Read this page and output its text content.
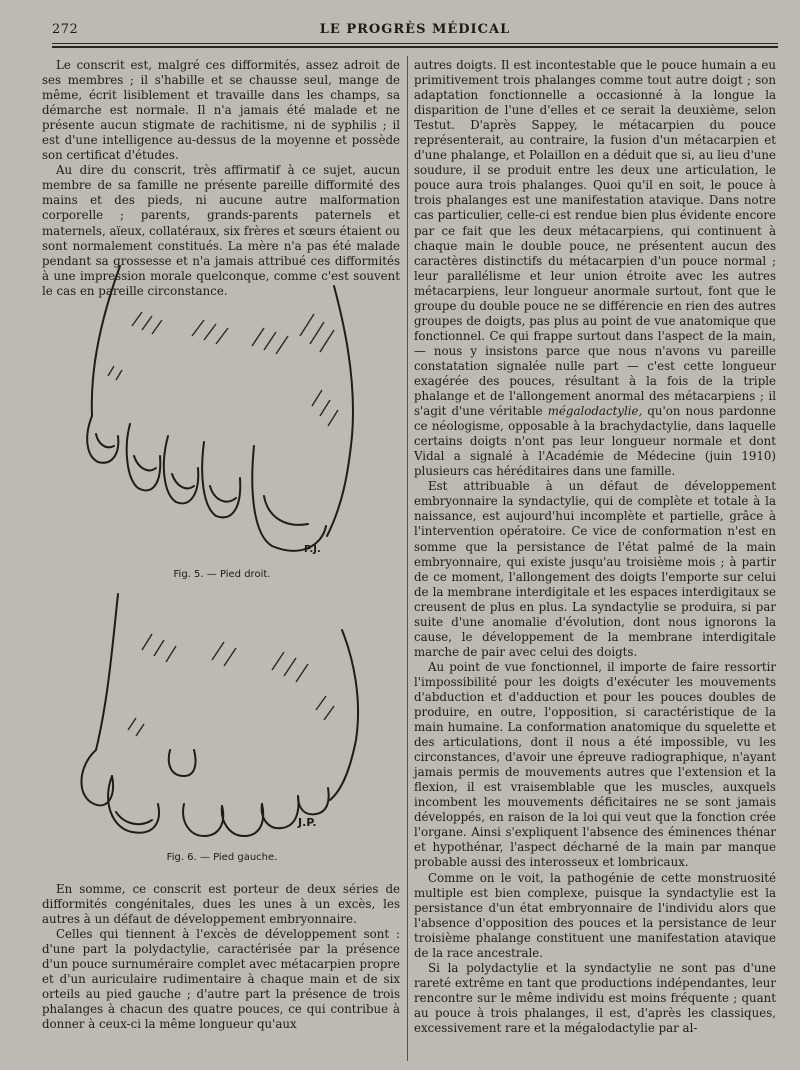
272	LE PROGRÈS MÉDICAL

Le conscrit est, malgré ces difformités, assez adroit de ses membres ; il s'habille et se chausse seul, mange de même, écrit lisiblement et travaille dans les champs, sa démarche est normale. Il n'a jamais été malade et ne présente aucun stigmate de rachitisme, ni de syphilis ; il est d'une intelligence au-dessus de la moyenne et possède son certificat d'études.

Au dire du conscrit, très affirmatif à ce sujet, aucun membre de sa famille ne présente pareille difformité des mains et des pieds, ni aucune autre malformation corporelle ; parents, grands-parents paternels et maternels, aïeux, collatéraux, six frères et sœurs étaient ou sont normalement constitués. La mère n'a pas été malade pendant sa grossesse et n'a jamais attribué ces difformités à une impression morale quelconque, comme c'est souvent le cas en pareille circonstance.

P.J.
Fig. 5. — Pied droit.
J.P.
Fig. 6. — Pied gauche.

En somme, ce conscrit est porteur de deux séries de difformités congénitales, dues les unes à un excès, les autres à un défaut de développement embryonnaire.

Celles qui tiennent à l'excès de développement sont : d'une part la polydactylie, caractérisée par la présence d'un pouce surnuméraire complet avec métacarpien propre et d'un auriculaire rudimentaire à chaque main et de six orteils au pied gauche ; d'autre part la présence de trois phalanges à chacun des quatre pouces, ce qui contribue à donner à ceux-ci la même longueur qu'aux

autres doigts. Il est incontestable que le pouce humain a eu primitivement trois phalanges comme tout autre doigt ; son adaptation fonctionnelle a occasionné à la longue la disparition de l'une d'elles et ce serait la deuxième, selon Testut. D'après Sappey, le métacarpien du pouce représenterait, au contraire, la fusion d'un métacarpien et d'une phalange, et Polaillon en a déduit que si, au lieu d'une soudure, il se produit entre les deux une articulation, le pouce aura trois phalanges. Quoi qu'il en soit, le pouce à trois phalanges est une manifestation atavique. Dans notre cas particulier, celle-ci est rendue bien plus évidente encore par ce fait que les deux métacarpiens, qui continuent à chaque main le double pouce, ne présentent aucun des caractères distinctifs du métacarpien d'un pouce normal ; leur parallélisme et leur union étroite avec les autres métacarpiens, leur longueur anormale surtout, font que le groupe du double pouce ne se différencie en rien des autres groupes de doigts, pas plus au point de vue anatomique que fonctionnel. Ce qui frappe surtout dans l'aspect de la main, — nous y insistons parce que nous n'avons vu pareille constatation signalée nulle part — c'est cette longueur exagérée des pouces, résultant à la fois de la triple phalange et de l'allongement anormal des métacarpiens ; il s'agit d'une véritable mégalodactylie, qu'on nous pardonne ce néologisme, opposable à la brachydactylie, dans laquelle certains doigts n'ont pas leur longueur normale et dont Vidal a signalé à l'Académie de Médecine (juin 1910) plusieurs cas héréditaires dans une famille.

Est attribuable à un défaut de développement embryonnaire la syndactylie, qui de complète et totale à la naissance, est aujourd'hui incomplète et partielle, grâce à l'intervention opératoire. Ce vice de conformation n'est en somme que la persistance de l'état palmé de la main embryonnaire, qui existe jusqu'au troisième mois ; à partir de ce moment, l'allongement des doigts l'emporte sur celui de la membrane interdigitale et les espaces interdigitaux se creusent de plus en plus. La syndactylie se produira, si par suite d'une anomalie d'évolution, dont nous ignorons la cause, le développement de la membrane interdigitale marche de pair avec celui des doigts.

Au point de vue fonctionnel, il importe de faire ressortir l'impossibilité pour les doigts d'exécuter les mouvements d'abduction et d'adduction et pour les pouces doubles de produire, en outre, l'opposition, si caractéristique de la main humaine. La conformation anatomique du squelette et des articulations, dont il nous a été impossible, vu les circonstances, d'avoir une épreuve radiographique, n'ayant jamais permis de mouvements autres que l'extension et la flexion, il est vraisemblable que les muscles, auxquels incombent les mouvements déficitaires ne se sont jamais développés, en raison de la loi qui veut que la fonction crée l'organe. Ainsi s'expliquent l'absence des éminences thénar et hypothénar, l'aspect décharné de la main par manque probable aussi des interosseux et lombricaux.

Comme on le voit, la pathogénie de cette monstruosité multiple est bien complexe, puisque la syndactylie est la persistance d'un état embryonnaire de l'individu alors que l'absence d'opposition des pouces et la persistance de leur troisième phalange constituent une manifestation atavique de la race ancestrale.

Si la polydactylie et la syndactylie ne sont pas d'une rareté extrême en tant que productions indépendantes, leur rencontre sur le même individu est moins fréquente ; quant au pouce à trois phalanges, il est, d'après les classiques, excessivement rare et la mégalodactylie par al-
